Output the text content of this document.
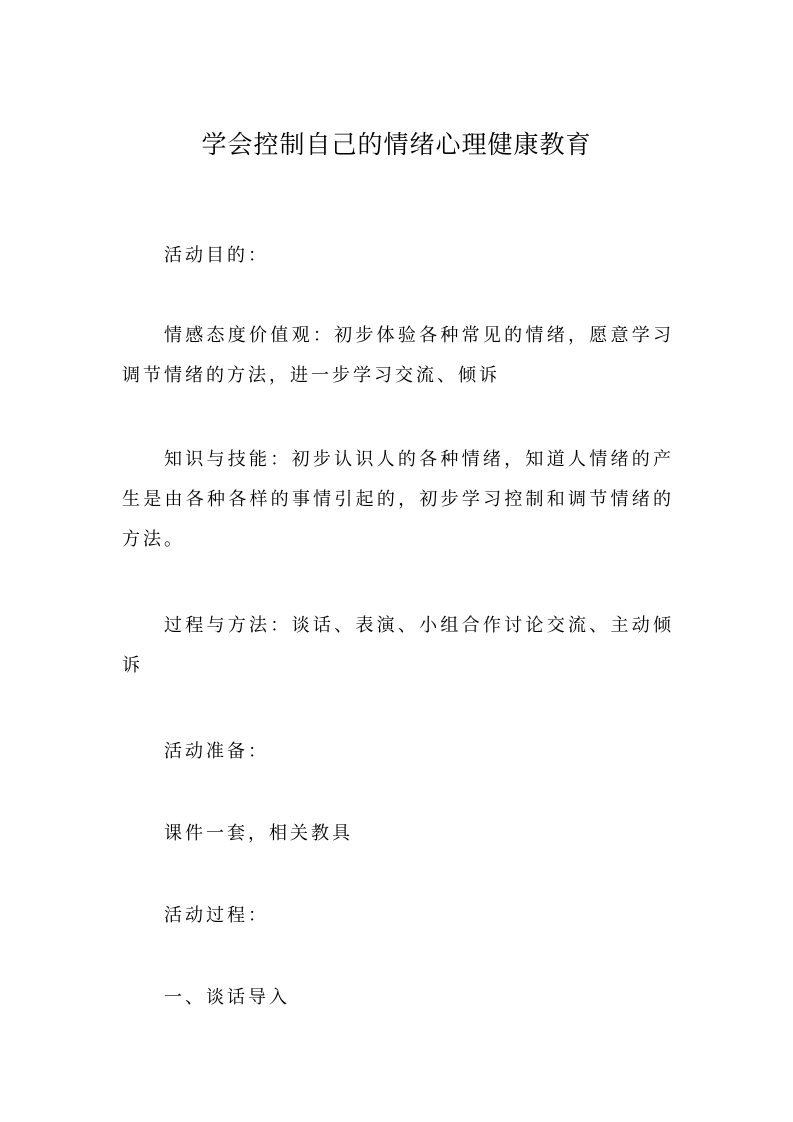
学会控制自己的情绪心理健康教育
活动目的：
情感态度价值观：初步体验各种常见的情绪，愿意学习调节情绪的方法，进一步学习交流、倾诉
知识与技能：初步认识人的各种情绪，知道人情绪的产生是由各种各样的事情引起的，初步学习控制和调节情绪的方法。
过程与方法：谈话、表演、小组合作讨论交流、主动倾诉
活动准备：
课件一套，相关教具
活动过程：
一、谈话导入
